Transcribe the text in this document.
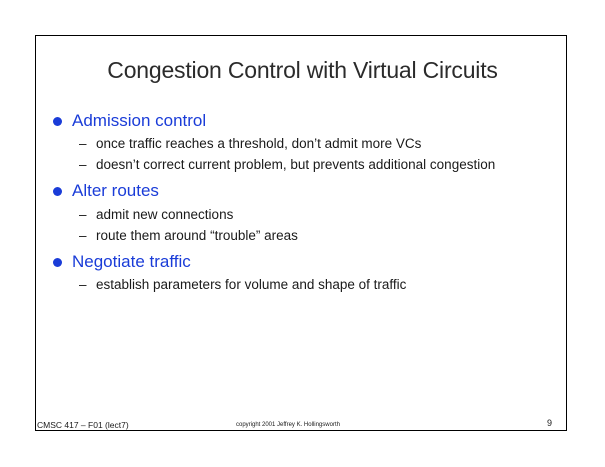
Congestion Control with Virtual Circuits
Admission control
– once traffic reaches a threshold, don’t admit more VCs
– doesn’t correct current problem, but prevents additional congestion
Alter routes
– admit new connections
– route them around “trouble” areas
Negotiate traffic
– establish parameters for volume and shape of traffic
CMSC 417 – F01 (lect7)	copyright 2001 Jeffrey K. Hollingsworth	9
